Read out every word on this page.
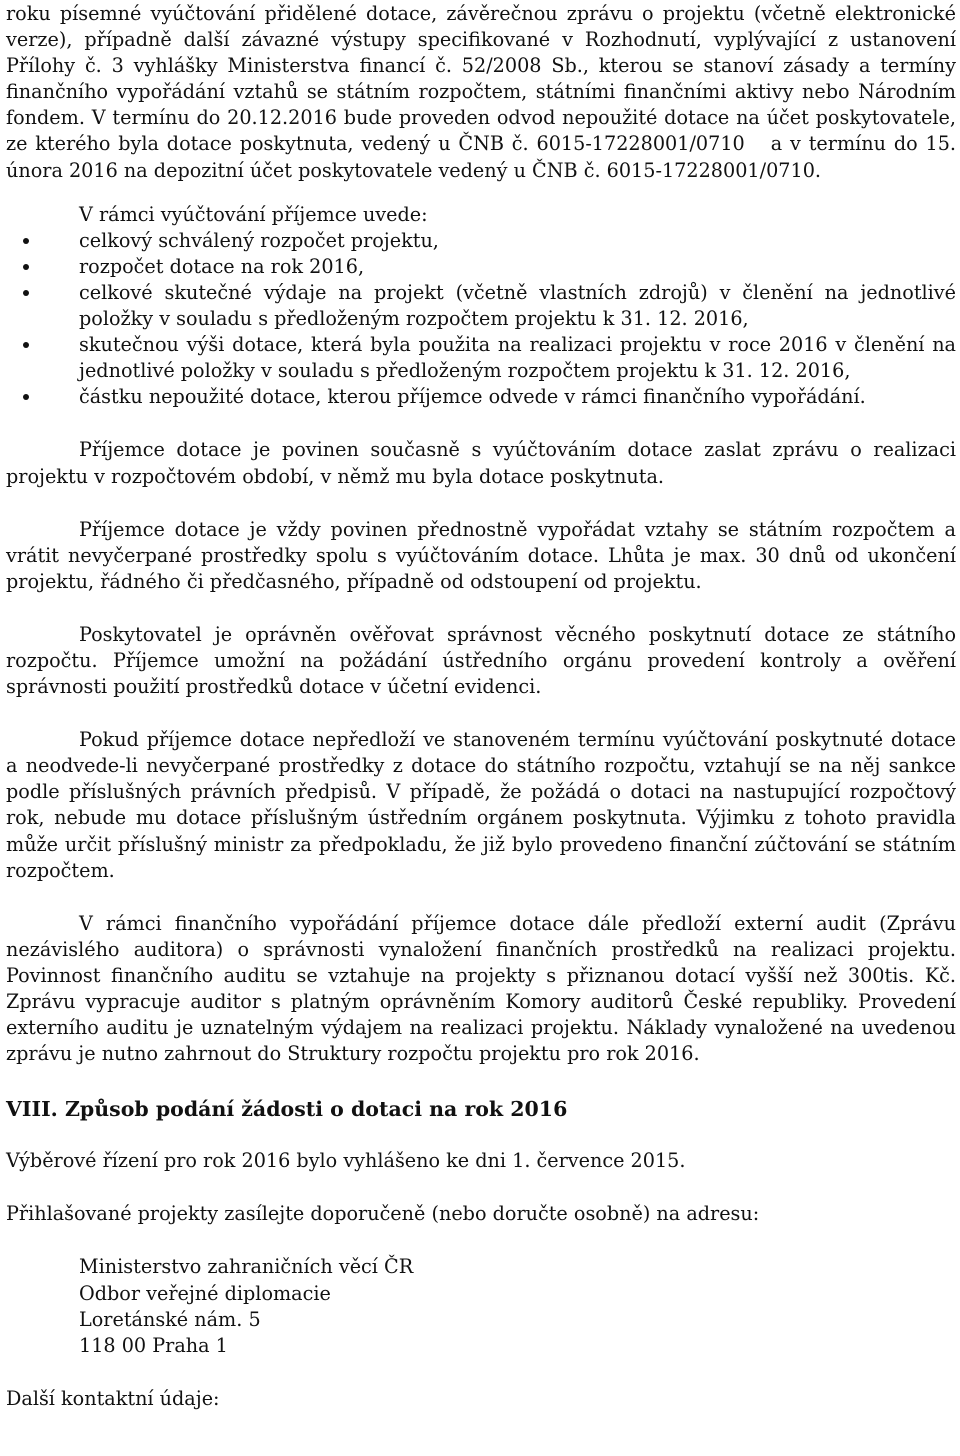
roku písemné vyúčtování přidělené dotace, závěrečnou zprávu o projektu (včetně elektronické verze), případně další závazné výstupy specifikované v Rozhodnutí, vyplývající z ustanovení Přílohy č. 3 vyhlášky Ministerstva financí č. 52/2008 Sb., kterou se stanoví zásady a termíny finančního vypořádání vztahů se státním rozpočtem, státními finančními aktivy nebo Národním fondem. V termínu do 20.12.2016 bude proveden odvod nepoužité dotace na účet poskytovatele, ze kterého byla dotace poskytnuta, vedený u ČNB č. 6015-17228001/0710 a v termínu do 15. února 2016 na depozitní účet poskytovatele vedený u ČNB č. 6015-17228001/0710.

V rámci vyúčtování příjemce uvede:

celkový schválený rozpočet projektu,
rozpočet dotace na rok 2016,
celkové skutečné výdaje na projekt (včetně vlastních zdrojů) v členění na jednotlivé položky v souladu s předloženým rozpočtem projektu k 31. 12. 2016,
skutečnou výši dotace, která byla použita na realizaci projektu v roce 2016 v členění na jednotlivé položky v souladu s předloženým rozpočtem projektu k 31. 12. 2016,
částku nepoužité dotace, kterou příjemce odvede v rámci finančního vypořádání.

Příjemce dotace je povinen současně s vyúčtováním dotace zaslat zprávu o realizaci projektu v rozpočtovém období, v němž mu byla dotace poskytnuta.

Příjemce dotace je vždy povinen přednostně vypořádat vztahy se státním rozpočtem a vrátit nevyčerpané prostředky spolu s vyúčtováním dotace. Lhůta je max. 30 dnů od ukončení projektu, řádného či předčasného, případně od odstoupení od projektu.

Poskytovatel je oprávněn ověřovat správnost věcného poskytnutí dotace ze státního rozpočtu. Příjemce umožní na požádání ústředního orgánu provedení kontroly a ověření správnosti použití prostředků dotace v účetní evidenci.

Pokud příjemce dotace nepředloží ve stanoveném termínu vyúčtování poskytnuté dotace a neodvede-li nevyčerpané prostředky z dotace do státního rozpočtu, vztahují se na něj sankce podle příslušných právních předpisů. V případě, že požádá o dotaci na nastupující rozpočtový rok, nebude mu dotace příslušným ústředním orgánem poskytnuta. Výjimku z tohoto pravidla může určit příslušný ministr za předpokladu, že již bylo provedeno finanční zúčtování se státním rozpočtem.

V rámci finančního vypořádání příjemce dotace dále předloží externí audit (Zprávu nezávislého auditora) o správnosti vynaložení finančních prostředků na realizaci projektu. Povinnost finančního auditu se vztahuje na projekty s přiznanou dotací vyšší než 300tis. Kč. Zprávu vypracuje auditor s platným oprávněním Komory auditorů České republiky. Provedení externího auditu je uznatelným výdajem na realizaci projektu. Náklady vynaložené na uvedenou zprávu je nutno zahrnout do Struktury rozpočtu projektu pro rok 2016.

VIII. Způsob podání žádosti o dotaci na rok 2016

Výběrové řízení pro rok 2016 bylo vyhlášeno ke dni 1. července 2015.

Přihlašované projekty zasílejte doporučeně (nebo doručte osobně) na adresu:

Ministerstvo zahraničních věcí ČR
Odbor veřejné diplomacie
Loretánské nám. 5
118 00 Praha 1

Další kontaktní údaje:
